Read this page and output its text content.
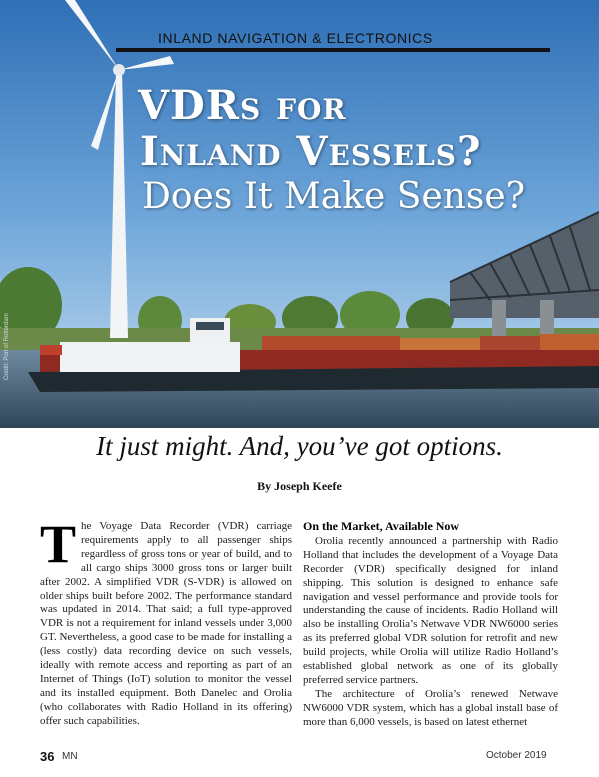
INLAND NAVIGATION & ELECTRONICS
VDRs for
Inland Vessels?
Does It Make Sense?
Credit: Port of Rotterdam
It just might. And, you’ve got options.
By Joseph Keefe

The Voyage Data Recorder (VDR) carriage requirements apply to all passenger ships regardless of gross tons or year of build, and to all cargo ships 3000 gross tons or larger built after 2002. A simplified VDR (S-VDR) is allowed on older ships built before 2002. The performance standard was updated in 2014. That said; a full type-approved VDR is not a requirement for inland vessels under 3,000 GT. Nevertheless, a good case to be made for installing a (less costly) data recording device on such vessels, ideally with remote access and reporting as part of an Internet of Things (IoT) solution to monitor the vessel and its installed equipment. Both Danelec and Orolia (who collaborates with Radio Holland in its offering) offer such capabilities.

On the Market, Available Now

Orolia recently announced a partnership with Radio Holland that includes the development of a Voyage Data Recorder (VDR) specifically designed for inland shipping. This solution is designed to enhance safe navigation and vessel performance and provide tools for understanding the cause of incidents. Radio Holland will also be installing Orolia’s Netwave VDR NW6000 series as its preferred global VDR solution for retrofit and new build projects, while Orolia will utilize Radio Holland’s established global network as one of its globally preferred service partners.

The architecture of Orolia’s renewed Netwave NW6000 VDR system, which has a global install base of more than 6,000 vessels, is based on latest ethernet

36 MN	October 2019
